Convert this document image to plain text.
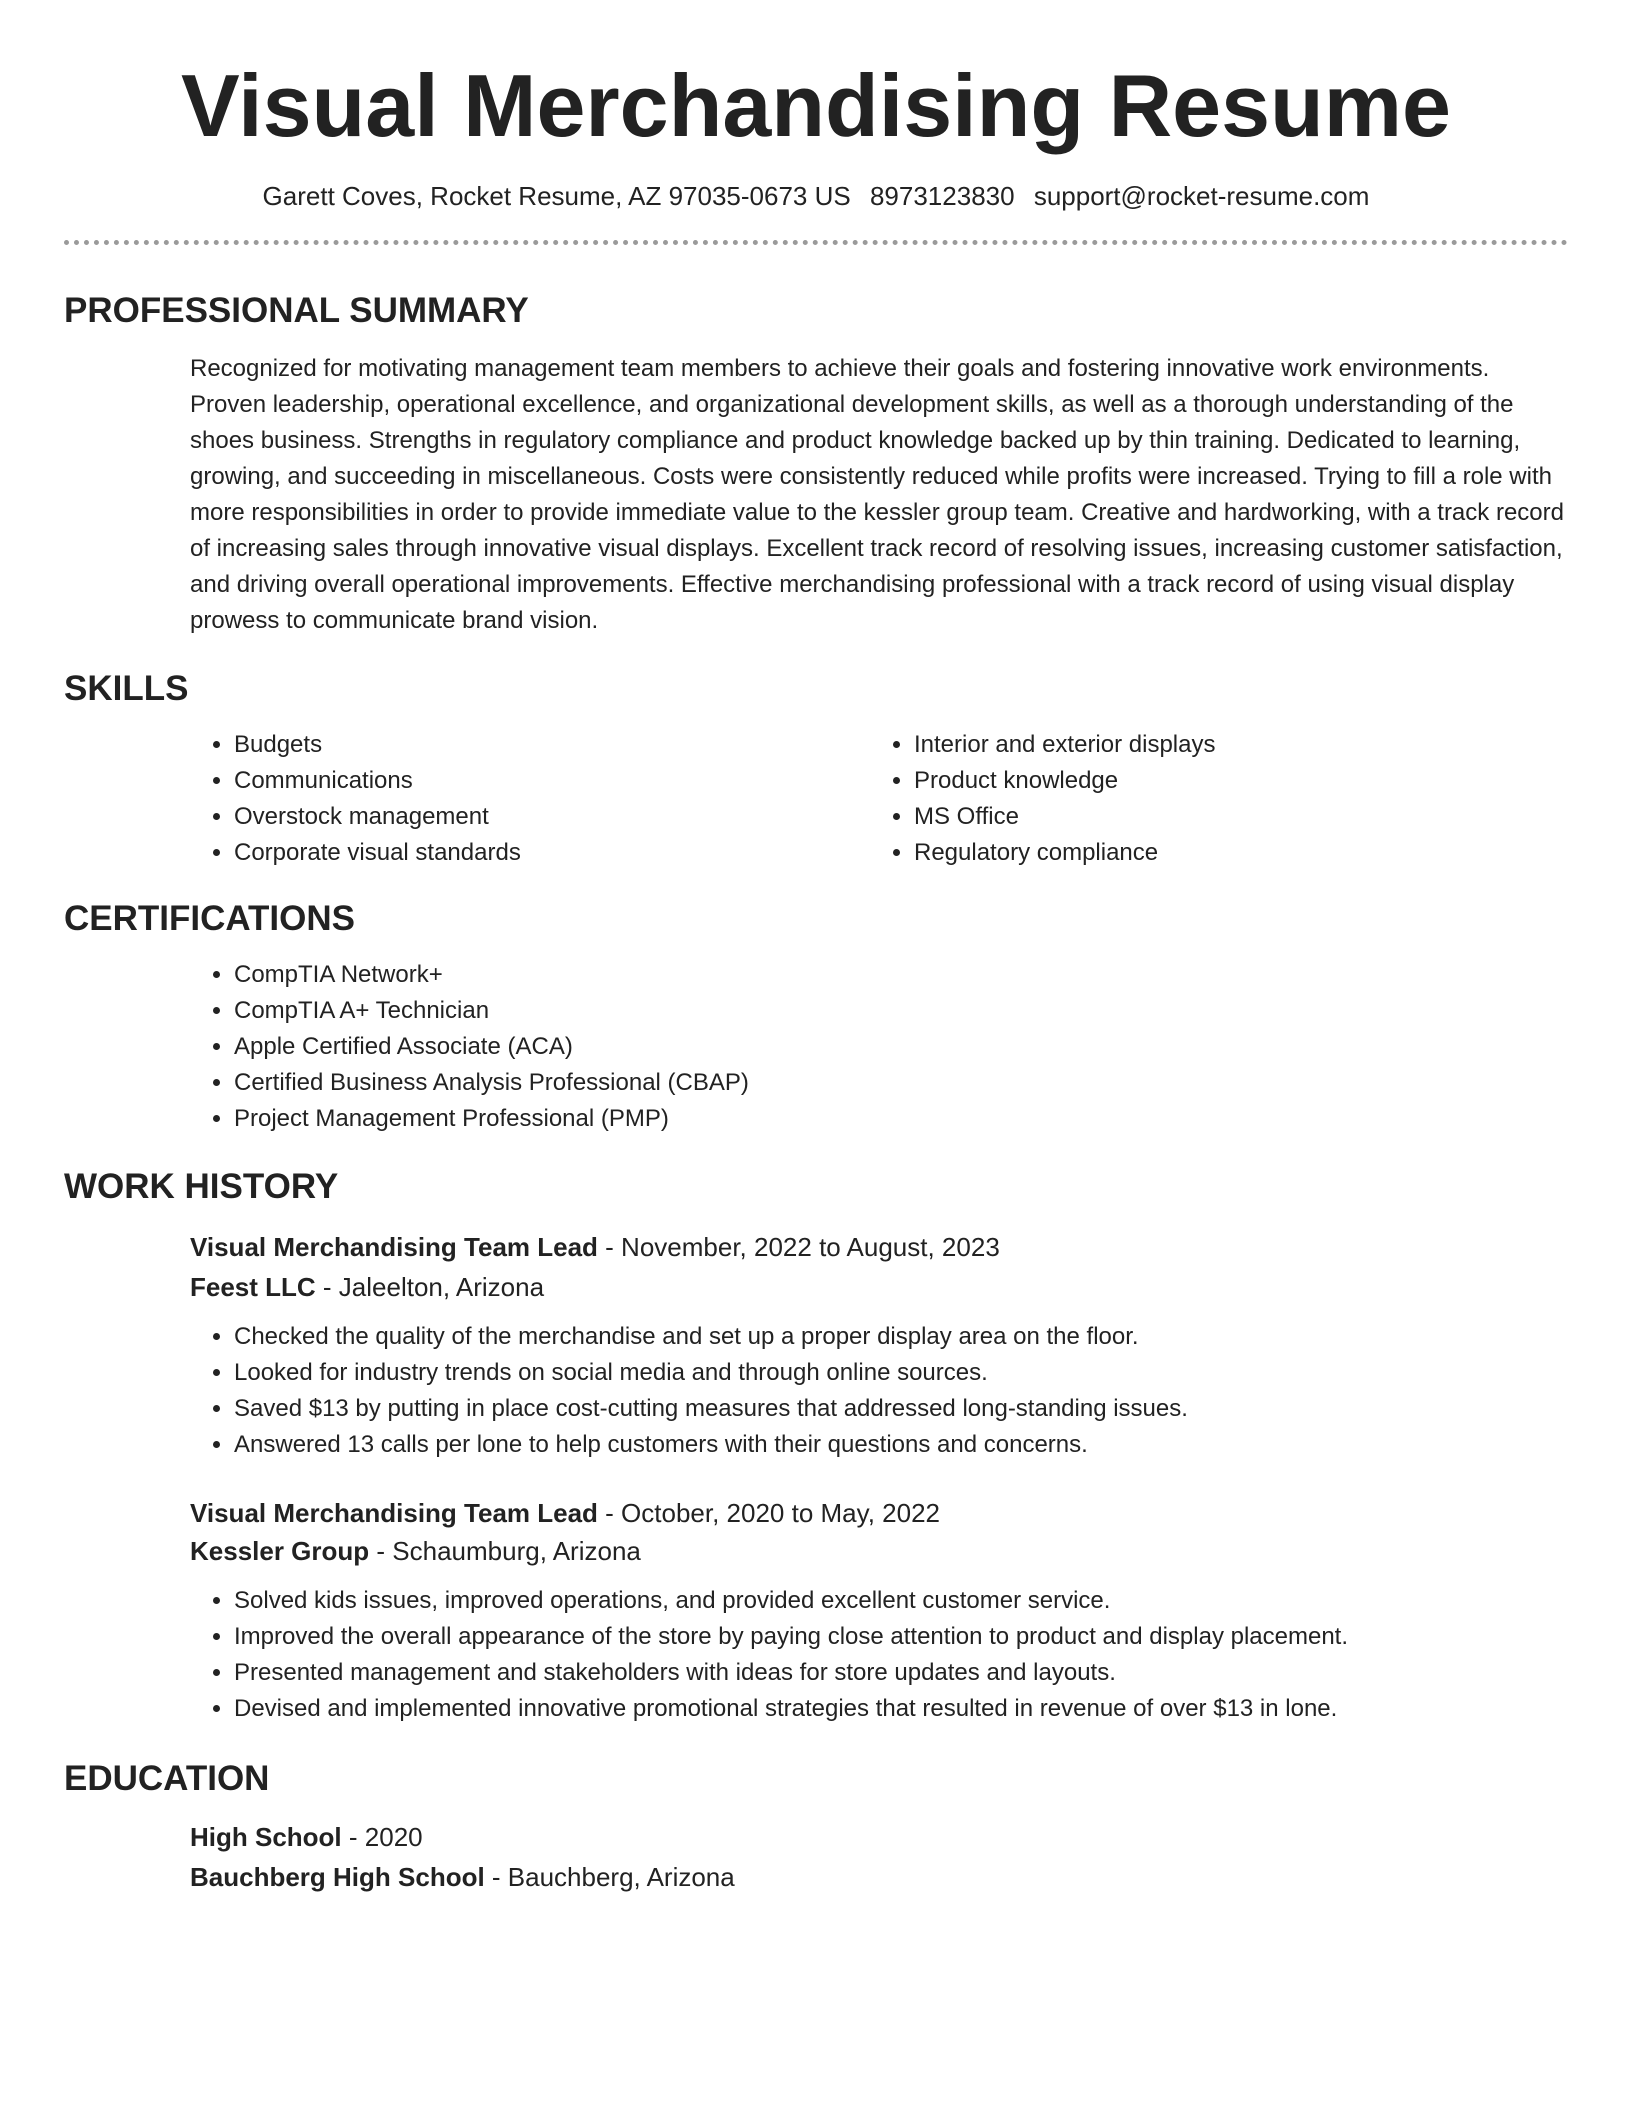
Visual Merchandising Resume
Garett Coves, Rocket Resume, AZ 97035-0673 US 8973123830 support@rocket-resume.com
PROFESSIONAL SUMMARY

Recognized for motivating management team members to achieve their goals and fostering innovative work environments. Proven leadership, operational excellence, and organizational development skills, as well as a thorough understanding of the shoes business. Strengths in regulatory compliance and product knowledge backed up by thin training. Dedicated to learning, growing, and succeeding in miscellaneous. Costs were consistently reduced while profits were increased. Trying to fill a role with more responsibilities in order to provide immediate value to the kessler group team. Creative and hardworking, with a track record of increasing sales through innovative visual displays. Excellent track record of resolving issues, increasing customer satisfaction, and driving overall operational improvements. Effective merchandising professional with a track record of using visual display prowess to communicate brand vision.

SKILLS
• Budgets
• Communications
• Overstock management
• Corporate visual standards
• Interior and exterior displays
• Product knowledge
• MS Office
• Regulatory compliance
CERTIFICATIONS
• CompTIA Network+
• CompTIA A+ Technician
• Apple Certified Associate (ACA)
• Certified Business Analysis Professional (CBAP)
• Project Management Professional (PMP)
WORK HISTORY
Visual Merchandising Team Lead - November, 2022 to August, 2023
Feest LLC - Jaleelton, Arizona
• Checked the quality of the merchandise and set up a proper display area on the floor.
• Looked for industry trends on social media and through online sources.
• Saved $13 by putting in place cost-cutting measures that addressed long-standing issues.
• Answered 13 calls per lone to help customers with their questions and concerns.
Visual Merchandising Team Lead - October, 2020 to May, 2022
Kessler Group - Schaumburg, Arizona
• Solved kids issues, improved operations, and provided excellent customer service.
• Improved the overall appearance of the store by paying close attention to product and display placement.
• Presented management and stakeholders with ideas for store updates and layouts.
• Devised and implemented innovative promotional strategies that resulted in revenue of over $13 in lone.
EDUCATION
High School - 2020
Bauchberg High School - Bauchberg, Arizona
